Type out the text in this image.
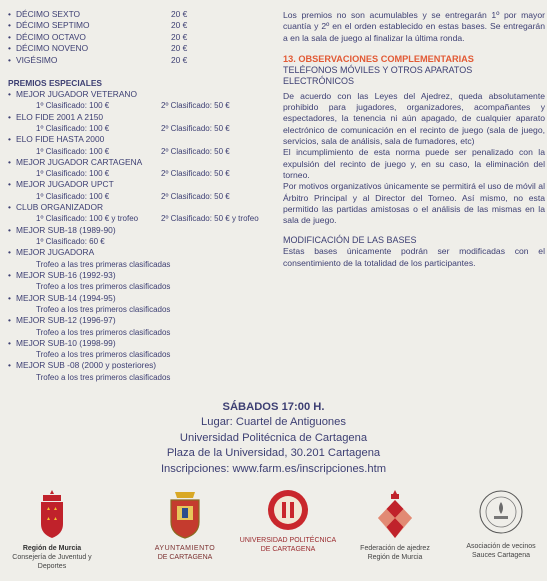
• DÉCIMO SEXTO	20 €
• DÉCIMO SEPTIMO	20 €
• DÉCIMO OCTAVO	20 €
• DÉCIMO NOVENO	20 €
• VIGÉSIMO	20 €
PREMIOS ESPECIALES
• MEJOR JUGADOR VETERANO
1º Clasificado: 100 €	2º Clasificado: 50 €
• ELO FIDE 2001 A 2150
1º Clasificado: 100 €	2º Clasificado: 50 €
• ELO FIDE HASTA 2000
1º Clasificado: 100 €	2º Clasificado: 50 €
• MEJOR JUGADOR CARTAGENA
1º Clasificado: 100 €	2º Clasificado: 50 €
• MEJOR JUGADOR UPCT
1º Clasificado: 100 €	2º Clasificado: 50 €
• CLUB ORGANIZADOR
1º Clasificado: 100 € y trofeo	2º Clasificado: 50 € y trofeo
• MEJOR SUB-18 (1989-90)
1º Clasificado: 60 €
• MEJOR JUGADORA
Trofeo a las tres primeras clasificadas
• MEJOR SUB-16 (1992-93)
Trofeo a los tres primeros clasificados
• MEJOR SUB-14 (1994-95)
Trofeo a los tres primeros clasificados
• MEJOR SUB-12 (1996-97)
Trofeo a los tres primeros clasificados
• MEJOR SUB-10 (1998-99)
Trofeo a los tres primeros clasificados
• MEJOR SUB -08 (2000 y posteriores)
Trofeo a los tres primeros clasificados

Los premios no son acumulables y se entregarán 1º por mayor cuantía y 2º en el orden establecido en estas bases. Se entregarán a en la sala de juego al finalizar la última ronda.

13. OBSERVACIONES COMPLEMENTARIAS

TELÉFONOS MÓVILES Y OTROS APARATOS ELECTRÓNICOS

De acuerdo con las Leyes del Ajedrez, queda absolutamente prohibido para jugadores, organizadores, acompañantes y espectadores, la tenencia ni aún apagado, de cualquier aparato electrónico de comunicación en el recinto de juego (sala de juego, servicios, sala de análisis, sala de fumadores, etc)

El incumplimiento de esta norma puede ser penalizado con la expulsión del recinto de juego y, en su caso, la eliminación del torneo.

Por motivos organizativos únicamente se permitirá el uso de móvil al Árbitro Principal y al Director del Torneo. Así mismo, no esta permitido las partidas amistosas o el análisis de las mismas en la sala de juego.

MODIFICACIÓN DE LAS BASES

Estas bases únicamente podrán ser modificadas con el consentimiento de la totalidad de los participantes.

SÁBADOS 17:00 H.
Lugar: Cuartel de Antiguones
Universidad Politécnica de Cartagena
Plaza de la Universidad, 30.201 Cartagena
Inscripciones: www.farm.es/inscripciones.htm
Región de Murcia
Consejería de Juventud y Deportes
AYUNTAMIENTO
DE CARTAGENA
UNIVERSIDAD POLITÉCNICA
DE CARTAGENA	Federación de ajedrez
Región de Murcia
Asociación de vecinos
Sauces Cartagena
